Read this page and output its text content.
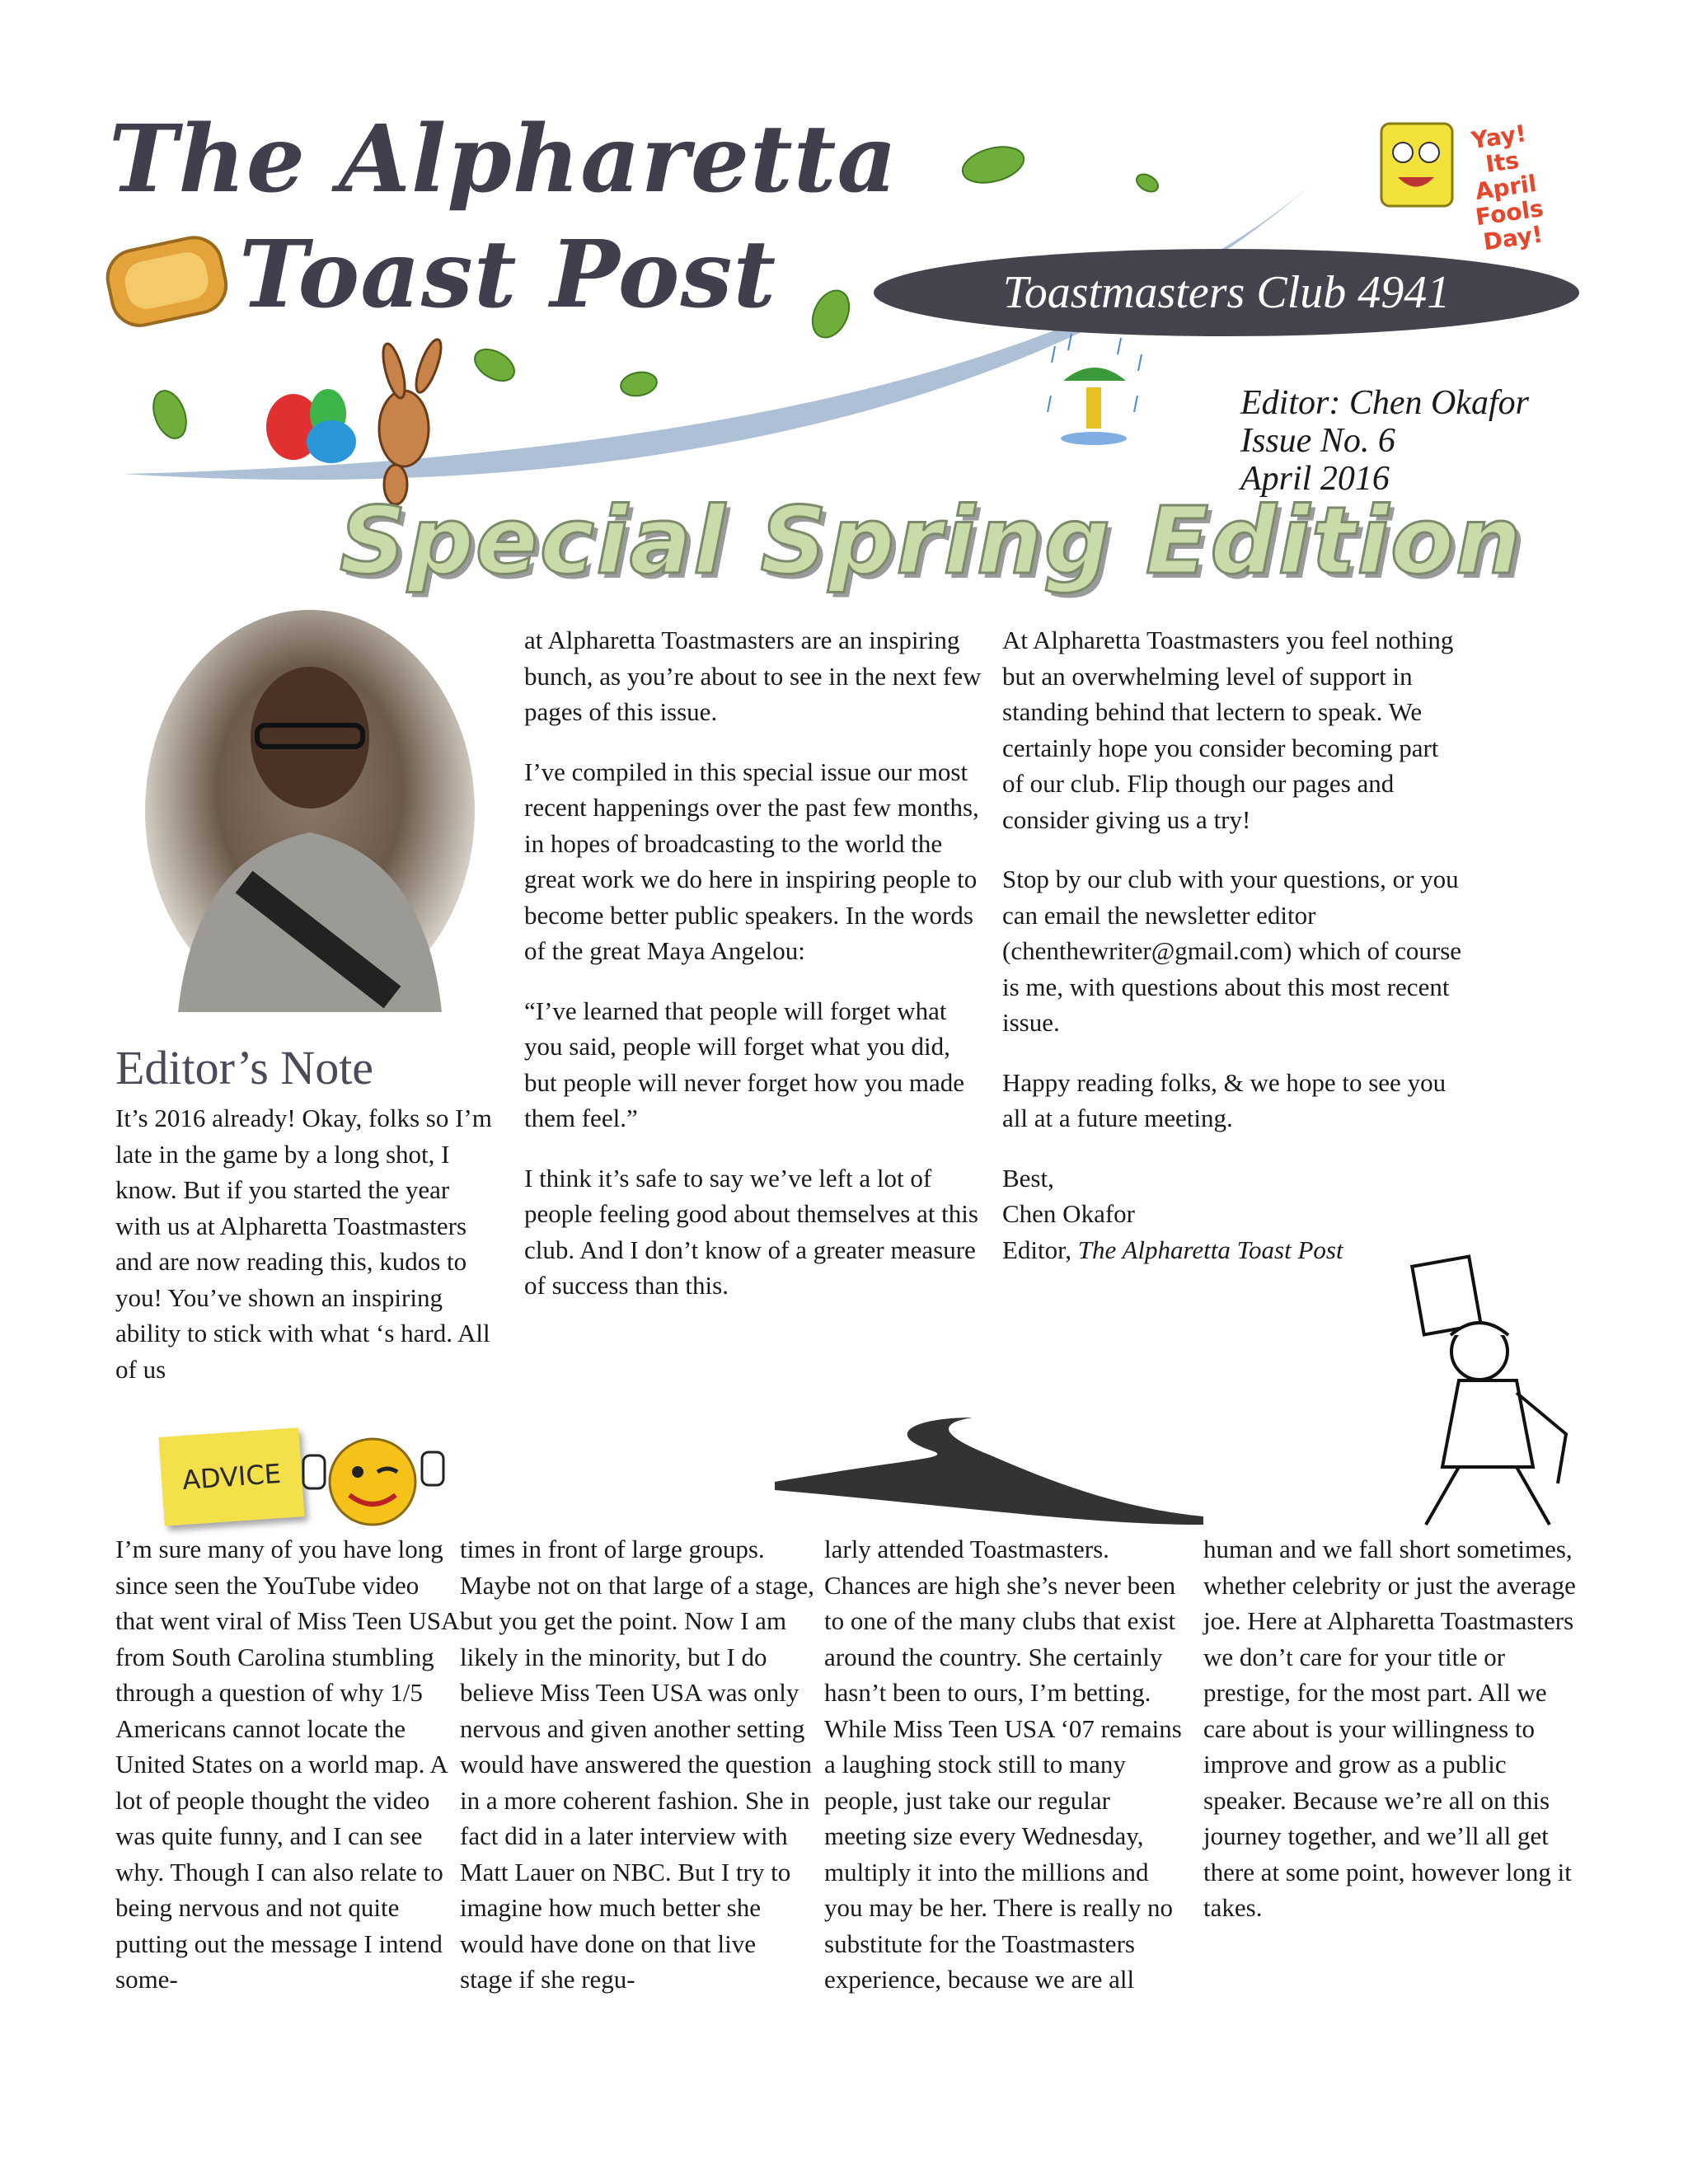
The Alpharetta
Toast Post	Toastmasters Club 4941
Yay!
Its
April Fools
Day!
Editor: Chen Okafor
Issue No. 6
April 2016
Special Spring Edition
Editor’s Note

It’s 2016 already! Okay, folks so I’m late in the game by a long shot, I know. But if you started the year with us at Alpharetta Toastmasters and are now reading this, kudos to you! You’ve shown an inspiring ability to stick with what ‘s hard. All of us

at Alpharetta Toastmasters are an inspiring bunch, as you’re about to see in the next few pages of this issue.

I’ve compiled in this special issue our most recent happenings over the past few months, in hopes of broadcasting to the world the great work we do here in inspiring people to become better public speakers. In the words of the great Maya Angelou:

“I’ve learned that people will forget what you said, people will forget what you did, but people will never forget how you made them feel.”

I think it’s safe to say we’ve left a lot of people feeling good about themselves at this club. And I don’t know of a greater measure of success than this.

At Alpharetta Toastmasters you feel nothing but an overwhelming level of support in standing behind that lectern to speak. We certainly hope you consider becoming part of our club. Flip though our pages and consider giving us a try!

Stop by our club with your questions, or you can email the newsletter editor (chenthewriter@gmail.com) which of course is me, with questions about this most recent issue.

Happy reading folks, & we hope to see you all at a future meeting.

Best,
Chen Okafor
Editor, The Alpharetta Toast Post

ADVICE

I’m sure many of you have long since seen the YouTube video that went viral of Miss Teen USA from South Carolina stumbling through a question of why 1/5 Americans cannot locate the United States on a world map. A lot of people thought the video was quite funny, and I can see why. Though I can also relate to being nervous and not quite putting out the message I intend some-

times in front of large groups. Maybe not on that large of a stage, but you get the point. Now I am likely in the minority, but I do believe Miss Teen USA was only nervous and given another setting would have answered the question in a more coherent fashion. She in fact did in a later interview with Matt Lauer on NBC. But I try to imagine how much better she would have done on that live stage if she regu-

larly attended Toastmasters. Chances are high she’s never been to one of the many clubs that exist around the country. She certainly hasn’t been to ours, I’m betting. While Miss Teen USA ‘07 remains a laughing stock still to many people, just take our regular meeting size every Wednesday, multiply it into the millions and you may be her. There is really no substitute for the Toastmasters experience, because we are all

human and we fall short sometimes, whether celebrity or just the average joe. Here at Alpharetta Toastmasters we don’t care for your title or prestige, for the most part. All we care about is your willingness to improve and grow as a public speaker. Because we’re all on this journey together, and we’ll all get there at some point, however long it takes.
